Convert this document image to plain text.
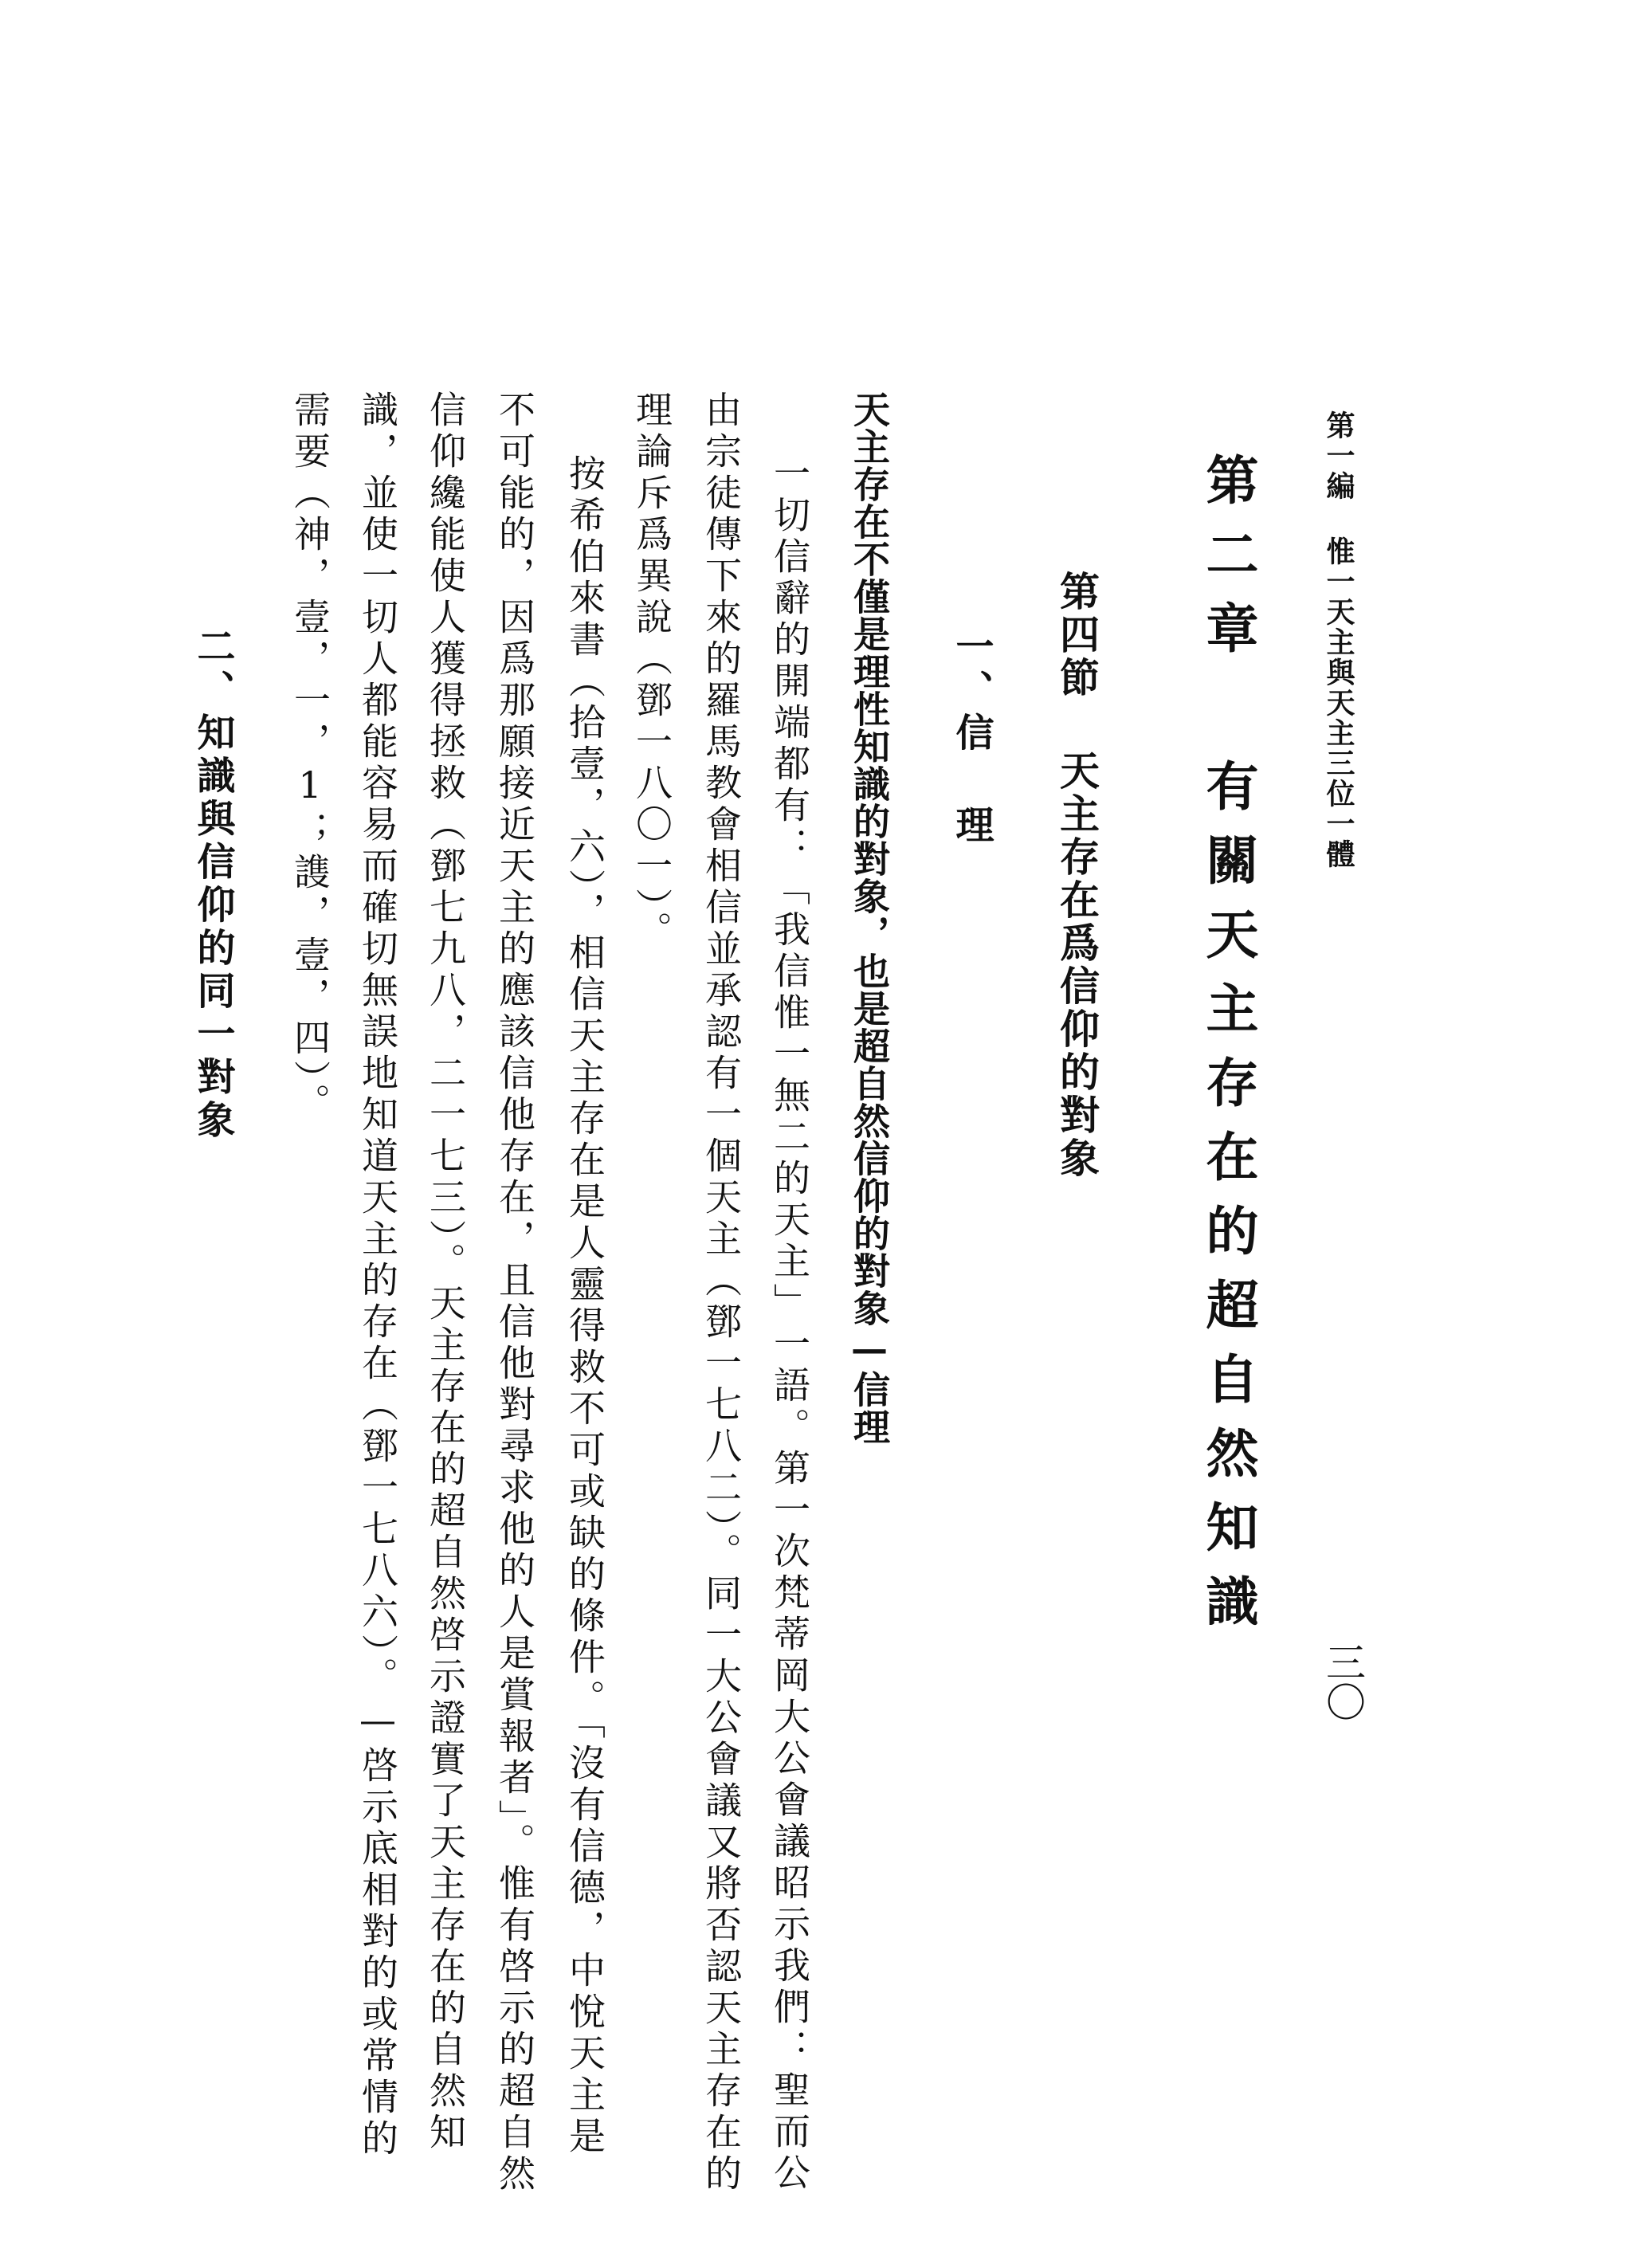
第一編 惟一天主與天主三位一體
三〇
第二章 有關天主存在的超自然知識
第四節 天主存在爲信仰的對象
一、信 理
天主存在不僅是理性知識的對象，也是超自然信仰的對象—信理
一切信辭的開端都有：「我信惟一無二的天主」一語。第一次梵蒂岡大公會議昭示我們：聖而公
由宗徒傳下來的羅馬教會相信並承認有一個天主（鄧一七八二）。同一大公會議又將否認天主存在的
理論斥爲異說（鄧一八〇一）。
按希伯來書（拾壹，六），相信天主存在是人靈得救不可或缺的條件。「沒有信德，中悅天主是
不可能的，因爲那願接近天主的應該信他存在，且信他對尋求他的人是賞報者」。惟有啓示的超自然
信仰纔能使人獲得拯救（鄧七九八，二一七三）。天主存在的超自然啓示證實了天主存在的自然知
識，並使一切人都能容易而確切無誤地知道天主的存在（鄧一七八六）。—啓示底相對的或常情的
需要（神，壹，一，1；謢，壹，四）。
二、知識與信仰的同一對象
